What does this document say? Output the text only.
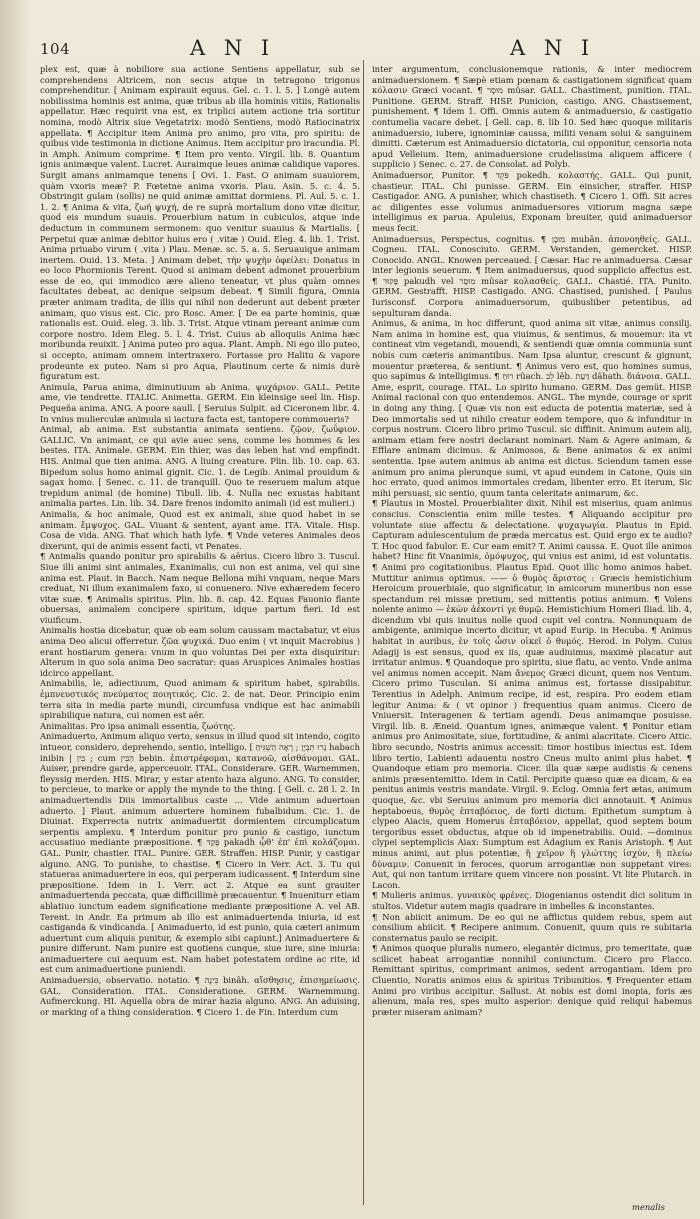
104	A N I	A N I

plex est, quæ à nobiliore sua actione Sentiens appellatur, sub se comprehendens Altricem, non secus atque in tetragono trigonus comprehenditur. [ Animam expirauit equus. Gel. c. 1. l. 5. ] Longè autem nobilissima hominis est anima, quæ tribus ab illa hominis vitiis, Rationalis appellatur. Hæc requirit vna est, ex triplici autem actione tria sortitur nomina, modò Altrix siue Vegetatrix: modò Sentiens, modò Ratiocinatrix appellata. ¶ Accipitur item Anima pro animo, pro vita, pro spiritu: de quibus vide testimonia in dictione Animus. Item accipitur pro iracundia. Pl. in Amph. Animum comprime. ¶ Item pro vento. Virgil. lib. 8. Quantum ignis animæque valent. Lucret. Auraimque leues animæ calidique vapores. Surgit amans animamque tenens [ Ovi. 1. Fast. O animam suauiorem, quàm vxoris meæ? P. Fœtetne anima vxoris. Plau. Asin. 5. c. 4. 5. Obstringit gulam (sollis) ne quid animæ amittat dormiens. Pl. Aul. 5. c. 1. 1. 2. ¶ Anima & vita, ζωή ψυχή, de re suprà mortalium dono vitæ dicitur, quod eis mundum suauis. Prouerbium natum in cubiculos, atque inde deductum in communem sermonem: quo venitur suauius & Martialis. [ Perpetui quæ animæ debitor huius ero ( .vitæ ) Ouid. Eleg. 4. lib. 1. Trist. Anima priuabo virum ( .vita ) Plau. Menæ. sc. 5. a. 5. Seruauique animam inertem. Ouid. 13. Meta. ] Animam debet, τὴν ψυχὴν ὀφείλει: Donatus in eo loco Phormionis Terent. Quod si animam debent admonet prouerbium esse de eo, qui immodico ære alieno teneatur, vt plus quàm omnes facultates debeat, ac denique seipsum debeat. ¶ Simili figura, Omnia præter animam tradita, de illis qui nihil non dederunt aut debent præter animam, quo visus est. Cic. pro Rosc. Amer. [ De ea parte hominis, quæ rationalis est. Ouid. eleg. 3. lib. 3. Trist. Atque vtinam pereant animæ cum corpore nostro. Idem Eleg. 5. l. 4. Trist. Cuius ab alloquiis Anima hæc moribunda reuixit. ] Anima puteo pro aqua. Plant. Amph. Ni ego illo puteo, si occepto, animam omnem intertraxero. Fortasse pro Halitu & vapore prodeunte ex puteo. Nam si pro Aqua, Plautinum certe & nimis durè figuratum est.

Animula, Parua anima, diminutiuum ab Anima. ψυχάριον. GALL. Petite ame, vie tendrette. ITALIC. Animetta. GERM. Ein kleinsige seel lin. Hisp. Pequeña anima. ANG. A poore saull. [ Seruius Sulpit. ad Ciceronem libr. 4. In vnius mulierculæ animula si iactura facta est, tantopere commoueris?

Animal, ab anima. Est substantia animata sentiens. ζῷον, ζωΰφιον. GALLIC. Vn animant, ce qui avie auec sens, comme les hommes & les bestes. ITA. Animale. GERM. Ein thier, was das leben hat vnd empfindt. HIS. Animal que tien anima. ANG. A liuing creature. Plin. lib. 10. cap. 63. Bipedum solus homo animal gignit. Cic. 1. de Legib. Animal prouidum & sagax homo. [ Senec. c. 11. de tranquill. Quo te reseruem malum atque trepidum animal (de homine) Tibull. lib. 4. Nulla nec exustas habitant animalia partes. Lin. lib. 34. Dare frenos indomito animali (id est mulieri.)

Animalis, & hoc animale, Quod est ex animali, siue quod habet in se animam. ἔμψυχος. GAL. Viuant & sentent, ayant ame. ITA. Vitale. Hisp. Cosa de vida. ANG. That which hath lyfe. ¶ Vnde veteres Animales deos dixerunt, qui de animis essent facti, vt Penates.

¶ Animalis quando ponitur pro spirabilis & aërius. Cicero libro 3. Tuscul. Siue illi animi sint animales, Exanimalis, cui non est anima, vel qui sine anima est. Plaut. in Bacch. Nam neque Bellona mihi vnquam, neque Mars creduat, Ni illum exanimalem faxo, si conuenero. Nive exhæredem fecero vitæ suæ. ¶ Animalis spiritus. Plin. lib. 8. cap. 42. Equas Fauonio flante obuersas, animalem concipere spiritum, idque partum fieri. Id est viuificum.

Animalis hostia dicebatur, quæ ob eam solum caussam mactabatur, vt eius anima Deo alicui offerretur. ζῶα ψυχικά. Duo enim ( vt inquit Macrobius ) erant hostiarum genera: vnum in quo voluntas Dei per exta disquiritur: Alterum in quo sola anima Deo sacratur: quas Aruspices Animales hostias idcirco appellant.

Animabilis, le, adiectiuum, Quod animam & spiritum habet, spirabilis. ἐμπνευστικός πνεύματος ποιητικός. Cic. 2. de nat. Deor. Principio enim terra sita in media parte mundi, circumfusa vndique est hac animabili spirabilique natura, cui nomen est aër.

Animalitas. Pro ipsa animali essentia, ζωότης.

Animaduerto, Animum aliquo verto, sensus in illud quod sit intendo, cogito intueor, considero, deprehendo, sentio, intelligo. [ נְרוּ תִּבְיָן ; רָאָה הַשְׁגִּיחַ habach inibin | בִּין ; cum הַבִּין bebin. ἐπιστρέφομαι, κατανοῶ, αἰσθάνομαι. GAL. Auiser, prendre garde, apperceuoir. ITAL. Considerare. GER. Warnemmen, fleyssig merden. HIS. Mirar, y estar atento haza alguno. ANG. To consider, to percieue, to marke or apply the mynde to the thing. [ Gell. c. 28 l. 2. In animaduertendis Diis immortalibus caste ... Vide animum aduertoan aduerto. ] Plaut. animum aduertere hominem fubalbidum. Cic. 1. de Diuinat. Experrecta nutrix animaduertit dormientem circumplicatum serpentis amplexu. ¶ Interdum ponitur pro punio & castigo, iunctum accusatiuo mediante præpositione. ¶ פָּקַד pakadh ᾧθ' ἐπ' ἐπὶ κολάζομαι. GAL. Punir, chastier. ITAL. Punire. GER. Straffen. HISP. Punir, y castigar alguno. ANG. To punishe, to chastise. ¶ Cicero in Verr. Act. 3. Tu qui statueras animaduertere in eos, qui perperam iudicassent. ¶ Interdum sine præpositione. Idem in 1. Verr. act 2. Atque ea sunt grauiter animaduertenda peccata, quæ difficillimè præcauentur. ¶ Inueniturr etiam ablatiuo iunctum eadem significatione mediante præpositione A. vel AB. Terent. in Andr. Ea primum ab illo est animaduertenda iniuria, id est castiganda & vindicanda. [ Animaduerto, id est punio, quia cæteri animum aduertunt cum aliquis punitur, & exemplo sibi capiunt.] Animaduertere & punire differunt. Nam punire est quotiens cunque, siue iure, sine iniuria: animaduertere cui aequum est. Nam habet potestatem ordine ac rite, id est cum animaduertione puniendi.

Animaduersio, observatio. notatio. ¶ בִּינָה binâh. αἴσθησις, ἐπισημείωσις. GAL. Consideration. ITAL. Consideratione. GERM. Warnemmung. Aufmerckung. HI. Aquella obra de mirar hazia alguno. ANG. An aduising, or marking of a thing consideration. ¶ Cicero 1. de Fin. Interdum cum

inter argumentum, conclusionemque rationis, & inter mediocrem animaduersionem. ¶ Sæpè etiam pœnam & castigationem significat quam κόλασιν Græci vocant. ¶ מוּסָר mûsar. GALL. Chastiment, punition. ITAL. Punitione. GERM. Straff. HISP. Punicion, castigo. ANG. Chastisement, punishement. ¶ Idem 1. Offi. Omnis autem & animaduersio, & castigatio contumelia vacare debet. [ Gell. cap. 8. lib 10. Sed hæc quoque militaris animaduersio, iubere, ignominiæ caussa, militi venam solui & sanguinem dimitti. Cæterum est Animaduersio dictatoria, cui opponitur, censoria nota apud Velleium. Item, animaduersione crudelissima aliquem afficere ( supplicio ) Senec. c. 27. de Consolat. ad Polyb.

Animaduersor, Punitor. ¶ פֹּקֵד pokedh. κολαστής. GALL. Qui punit, chastieur. ITAL. Chi punisse. GERM. Ein einsicher, straffer. HISP Castigador. ANG. A punisher, which chastiseth. ¶ Cicero 1. Offi. Sit acres ac diligentes esse volumus animaduersores vitiorum magna sæpe intelligimus ex parua. Apuleius, Exponam breuiter, quid animaduersor meus fecit.

Animaduersus, Perspectus, cognitus. ¶ מוּבָן mubân. ἀπονοηθείς. GALL. Cogneu. ITAL. Conosciuto. GERM. Verstanden, gemercket. HISP. Conocido. ANGL. Knowen perceaued. [ Cæsar. Hac re animaduersa. Cæsar inter legionis seuerum. ¶ Item animaduersus, quod supplicio affectus est. ¶ פָּקוּד pakudh vel מוּסָר mûsar κολασθείς. GALL. Chastié. ITA. Punito. GERM. Gestrafft. HISP. Castigado. ANG. Chastised, punished. [ Paulus Iurisconsf. Corpora animaduersorum, quibusliber petentibus, ad sepulturam danda.

Animus, & anima, in hoc differunt, quod anima sit vitæ, animus consilij. Nam anima in homine est, qua viuimus, & sentimus, & mouemur: ita vt contineat vim vegetandi, mouendi, & sentiendi quæ omnia communia sunt nobis cum cæteris animantibus. Nam Ipsa aluntur, crescunt & gignunt, mouentur præterea, & sentiunt. ¶ Animus vero est, quo homines sumus, quo sapimus & intelligimus. ¶ רוּחַ rûach. לֵב lêb. דַּעַת dâhath. διάνοια. GALL. Ame, esprit, courage. ITAL. Lo spirito humano. GERM. Das gemüt. HISP. Animal racional con quo entendemos. ANGL. The mynde, courage or sprit in doing any thing. [ Quæ vis non est educta de potentia materiæ, sed à Deo immortalis sed ut nihilo creatur eodem tempore, quo & infunditur in corpus nostrum. Cicero libro primo Tuscul. sic diffinit. Animum autem alij, animam etiam fere nostri declarant nominari. Nam & Agere animam, & Efflare animam dicimus. & Animosos, & Bene animatos & ex animi sententia. Ipse autem animus ab anima est dictus. Sciendum tamen esse animum pro anima plerunque sumi, vt apud eundem in Catone, Quis sin hoc errato, quod animos immortales credam, libenter erro. Et iterum, Sic mihi persuasi, sic sentio, quum tanta celeritate animarum, &c.

¶ Plautus in Mostel. Prouerbialiter dixit. Nihil est miserius, quam animus conscius. Conscientia enim mille testes. ¶ Aliquando accipitur pro voluntate siue affectu & delectatione. ψυχαγωγία. Plautus in Epid. Capturam adulescentulum de præda mercatus est. Quid ergo ex te audio? T. Hoc quod fabulor. E. Cur eam emit? T. Animi caussa. E. Quot ille animos habet? Hinc fit Vnanimis, ὁμόψυχος, qui vnius est animi, id est voluntatis. ¶ Animi pro cogitationibus. Plautus Epid. Quot illic homo animos habet. Muttitur animus optimus. —— ὁ θυμὸς ἄριστος : Græcis hemistichium Heroicum prouerbiale, quo significatur, in amicorum muneribus non esse spectandum rei missæ pretium, sed mittentis potius animum. ¶ Volens nolente animo — ἑκὼν ἀέκοντί γε θυμῷ. Hemistichium Homeri Iliad. lib. 4, dicendum vbi quis inuitus nolle quod cupit vel contra. Nonnunquam de ambigente, animique incerto dicitur, vt apud Eurip. in Hecuba. ¶ Animus habitat in auribus, ἐν τοῖς ὦσιν οἰκεῖ ὁ θυμός. Herod. in Polym. Cuius Adagij is est sensus, quod ex iis, quæ audiuimus, maximè placatur aut irritatur animus. ¶ Quandoque pro spiritu, siue flatu, ac vento. Vnde anima vel animus nomen accepit. Nam ἄνεμος Græci dicunt, quem nos Ventum. Cicero primo Tusculan. Si anima animus est, fortasse dissipabitur. Terentius in Adelph. Animum recipe, id est, respira. Pro eodem etiam legitur Anima: & ( vt opinor ) frequentius quam animus. Cicero de Vniuersit. Interagenen & tertiam agendi. Deus animamque posuisse. Virgil. lib. 8. Æneid. Quantum ignes, animæque valent. ¶ Ponitur etiam animus pro Animositate, siue, fortitudine, & animi alacritate. Cicero Attic. libro secundo, Nostris animus accessit: timor hostibus iniectus est. Idem libro tertio, Labienti adauentu nostro Cneus multo animi plus habet. ¶ Quandoque etiam pro memoria. Cicer. illa quæ sæpe audistis & cenens animis præsentemitto. Idem in Catil. Percipite quæso quæ ea dicam, & ea penitus animis vestris mandate. Virgil. 9. Eclog. Omnia fert ætas, animum quoque, &c. vbi Seruius animum pro memoria dici annotauit. ¶ Animus heptaboeus, θυμὸς ἑπταβόειος, de forti dictum. Epithetum sumptum à clypeo Aiacis, quem Homerus ἑπταβόειον, appellat, quod septem boum tergoribus esset obductus, atque ob id impenetrabilis. Ouid. —dominus clypei septemplicis Aiax: Sumptum est Adagium ex Ranis Aristoph. ¶ Aut minus animi, aut plus potentiæ, ἢ χεῖρον ἢ γλώττης ἰσχύν, ἢ πλείω δύναμιν. Conuenit in feroces, quorum arrogantiæ non suppetant vires: Aut, qui non tantum irritare quem vincere non possint. Vt lite Plutarch. in Lacon.

¶ Mulieris animus. γυναικὸς φρένες. Diogenianus ostendit dici solitum in stultos. Videtur autem magis quadrare in imbelles & inconstantes.

¶ Non abiicit animum. De eo qui ne afflictus quidem rebus, spem aut consilium abiicit. ¶ Recipere animum. Conuenit, quum quis re subitaria consternatus paulo se recipit.

¶ Animos quoque pluralis numero, elegantér dicimus, pro temeritate, quæ scilicet habeat arrogantiæ nonnihil coniunctum. Cicero pro Flacco. Remittant spiritus, comprimant animos, sedent arrogantiam. Idem pro Cluentio, Noratis animos eius & spiritus Tribunitios. ¶ Frequenter etiam Animi pro viribus accipitur. Sallust. At nobis est domi inopia, foris æs alienum, mala res, spes multo asperior: denique quid reliqui habemus præter miseram animam?

menalis
